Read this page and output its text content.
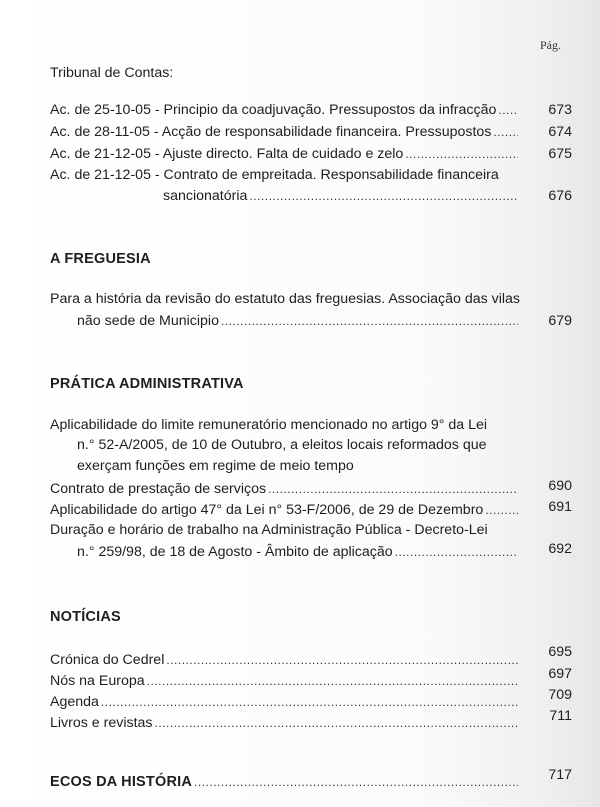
Pág.
Tribunal de Contas:
Ac. de 25-10-05 - Principio da coadjuvação. Pressupostos da infracção .....	673
Ac. de 28-11-05 - Acção de responsabilidade financeira. Pressupostos .....	674
Ac. de 21-12-05 - Ajuste directo. Falta de cuidado e zelo .....	675
Ac. de 21-12-05 - Contrato de empreitada. Responsabilidade financeira
sancionatória .....	676
A FREGUESIA
Para a história da revisão do estatuto das freguesias. Associação das vilas
não sede de Municipio .....	679
PRÁTICA ADMINISTRATIVA
Aplicabilidade do limite remuneratório mencionado no artigo 9° da Lei
n.° 52-A/2005, de 10 de Outubro, a eleitos locais reformados que
exerçam funções em regime de meio tempo
Contrato de prestação de serviços .....	690
Aplicabilidade do artigo 47° da Lei n° 53-F/2006, de 29 de Dezembro .....	691
Duração e horário de trabalho na Administração Pública - Decreto-Lei
n.° 259/98, de 18 de Agosto - Âmbito de aplicação .....	692
NOTÍCIAS
Crónica do Cedrel .....	695
Nós na Europa .....	697
Agenda .....	709
Livros e revistas .....	711
ECOS DA HISTÓRIA .....	717
